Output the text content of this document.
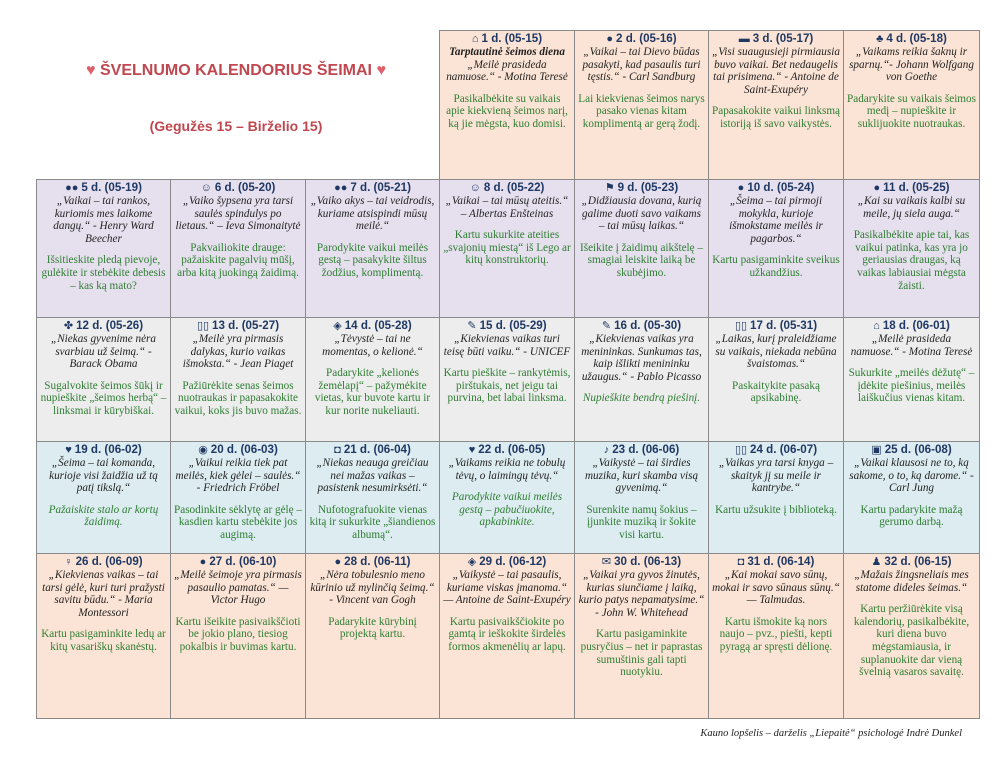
♥ ŠVELNUMO KALENDORIUS ŠEIMAI ♥
(Gegužės 15 – Birželio 15)
⌂ 1 d. (05-15)
Tarptautinė šeimos diena
„Meilė prasideda namuose.“ - Motina Teresė
Pasikalbėkite su vaikais apie kiekvieną šeimos narį, ką jie mėgsta, kuo domisi.
● 2 d. (05-16)
„Vaikai – tai Dievo būdas pasakyti, kad pasaulis turi tęstis.“ - Carl Sandburg
Lai kiekvienas šeimos narys pasako vienas kitam komplimentą ar gerą žodį.
▬ 3 d. (05-17)
„Visi suaugusieji pirmiausia buvo vaikai. Bet nedaugelis tai prisimena.“ - Antoine de Saint-Exupéry
Papasakokite vaikui linksmą istoriją iš savo vaikystės.
♣ 4 d. (05-18)
„Vaikams reikia šaknų ir sparnų.“- Johann Wolfgang von Goethe
Padarykite su vaikais šeimos medį – nupieškite ir suklijuokite nuotraukas.
●● 5 d. (05-19)
„Vaikai – tai rankos, kuriomis mes laikome dangų.“ - Henry Ward Beecher
Išsitieskite pledą pievoje, gulėkite ir stebėkite debesis – kas ką mato?
☺ 6 d. (05-20)
„Vaiko šypsena yra tarsi saulės spindulys po lietaus.“ – Ieva Simonaitytė
Pakvailiokite drauge: pažaiskite pagalvių mūšį, arba kitą juokingą žaidimą.
●● 7 d. (05-21)
„Vaiko akys – tai veidrodis, kuriame atsispindi mūsų meilė.“
Parodykite vaikui meilės gestą – pasakykite šiltus žodžius, komplimentą.
☺ 8 d. (05-22)
„Vaikai – tai mūsų ateitis.“ – Albertas Enšteinas
Kartu sukurkite ateities „svajonių miestą“ iš Lego ar kitų konstruktorių.
⚑ 9 d. (05-23)
„Didžiausia dovana, kurią galime duoti savo vaikams – tai mūsų laikas.“
Išeikite į žaidimų aikštelę – smagiai leiskite laiką be skubėjimo.
● 10 d. (05-24)
„Šeima – tai pirmoji mokykla, kurioje išmokstame meilės ir pagarbos.“
Kartu pasigaminkite sveikus užkandžius.
● 11 d. (05-25)
„Kai su vaikais kalbi su meile, jų siela auga.“
Pasikalbėkite apie tai, kas vaikui patinka, kas yra jo geriausias draugas, ką vaikas labiausiai mėgsta žaisti.
✤ 12 d. (05-26)
„Niekas gyvenime nėra svarbiau už šeimą.“ - Barack Obama
Sugalvokite šeimos šūkį ir nupieškite „šeimos herbą“ – linksmai ir kūrybiškai.
▯▯ 13 d. (05-27)
„Meilė yra pirmasis dalykas, kurio vaikas išmoksta.“ - Jean Piaget
Pažiūrėkite senas šeimos nuotraukas ir papasakokite vaikui, koks jis buvo mažas.
◈ 14 d. (05-28)
„Tėvystė – tai ne momentas, o kelionė.“
Padarykite „kelionės žemėlapį“ – pažymėkite vietas, kur buvote kartu ir kur norite nukeliauti.
✎ 15 d. (05-29)
„Kiekvienas vaikas turi teisę būti vaiku.“ - UNICEF
Kartu pieškite – rankytėmis, pirštukais, net jeigu tai purvina, bet labai linksma.
✎ 16 d. (05-30)
„Kiekvienas vaikas yra menininkas. Sunkumas tas, kaip išlikti menininku užaugus.“ - Pablo Picasso
Nupieškite bendrą piešinį.
▯▯ 17 d. (05-31)
„Laikas, kurį praleidžiame su vaikais, niekada nebūna švaistomas.“
Paskaitykite pasaką apsikabinę.
⌂ 18 d. (06-01)
„Meilė prasideda namuose.“ - Motina Teresė
Sukurkite „meilės dėžutę“ – įdėkite piešinius, meilės laiškučius vienas kitam.
♥ 19 d. (06-02)
„Šeima – tai komanda, kurioje visi žaidžia už tą patį tikslą.“
Pažaiskite stalo ar kortų žaidimą.
◉ 20 d. (06-03)
„Vaikui reikia tiek pat meilės, kiek gėlei – saulės.“ - Friedrich Fröbel
Pasodinkite sėklytę ar gėlę – kasdien kartu stebėkite jos augimą.
◘ 21 d. (06-04)
„Niekas neauga greičiau nei mažas vaikas – pasistenk nesumirksėti.“
Nufotografuokite vienas kitą ir sukurkite „šiandienos albumą“.
♥ 22 d. (06-05)
„Vaikams reikia ne tobulų tėvų, o laimingų tėvų.“
Parodykite vaikui meilės gestą – pabučiuokite, apkabinkite.
♪ 23 d. (06-06)
„Vaikystė – tai širdies muzika, kuri skamba visą gyvenimą.“
Surenkite namų šokius – įjunkite muziką ir šokite visi kartu.
▯▯ 24 d. (06-07)
„Vaikas yra tarsi knyga – skaityk jį su meile ir kantrybe.“
Kartu užsukite į biblioteką.
▣ 25 d. (06-08)
„Vaikai klausosi ne to, ką sakome, o to, ką darome.“ - Carl Jung
Kartu padarykite mažą gerumo darbą.
♀ 26 d. (06-09)
„Kiekvienas vaikas – tai tarsi gėlė, kuri turi pražysti savitu būdu.“ - Maria Montessori
Kartu pasigaminkite ledų ar kitų vasariškų skanėstų.
● 27 d. (06-10)
„Meilė šeimoje yra pirmasis pasaulio pamatas.“ — Victor Hugo
Kartu išeikite pasivaikščioti be jokio plano, tiesiog pokalbis ir buvimas kartu.
● 28 d. (06-11)
„Nėra tobulesnio meno kūrinio už mylinčią šeimą.“ - Vincent van Gogh
Padarykite kūrybinį projektą kartu.
◈ 29 d. (06-12)
„Vaikystė – tai pasaulis, kuriame viskas įmanoma.“ — Antoine de Saint-Exupéry
Kartu pasivaikščiokite po gamtą ir ieškokite širdelės formos akmenėlių ar lapų.
✉ 30 d. (06-13)
„Vaikai yra gyvos žinutės, kurias siunčiame į laiką, kurio patys nepamatysime.“ - John W. Whitehead
Kartu pasigaminkite pusryčius – net ir paprastas sumuštinis gali tapti nuotykiu.
◘ 31 d. (06-14)
„Kai mokai savo sūnų, mokai ir savo sūnaus sūnų.“ — Talmudas.
Kartu išmokite ką nors naujo – pvz., piešti, kepti pyragą ar spręsti dėlionę.
♟ 32 d. (06-15)
„Mažais žingsneliais mes statome dideles šeimas.“
Kartu peržiūrėkite visą kalendorių, pasikalbėkite, kuri diena buvo mėgstamiausia, ir suplanuokite dar vieną švelnią vasaros savaitę.
Kauno lopšelis – darželis „Liepaitė“ psichologė Indrė Dunkel
